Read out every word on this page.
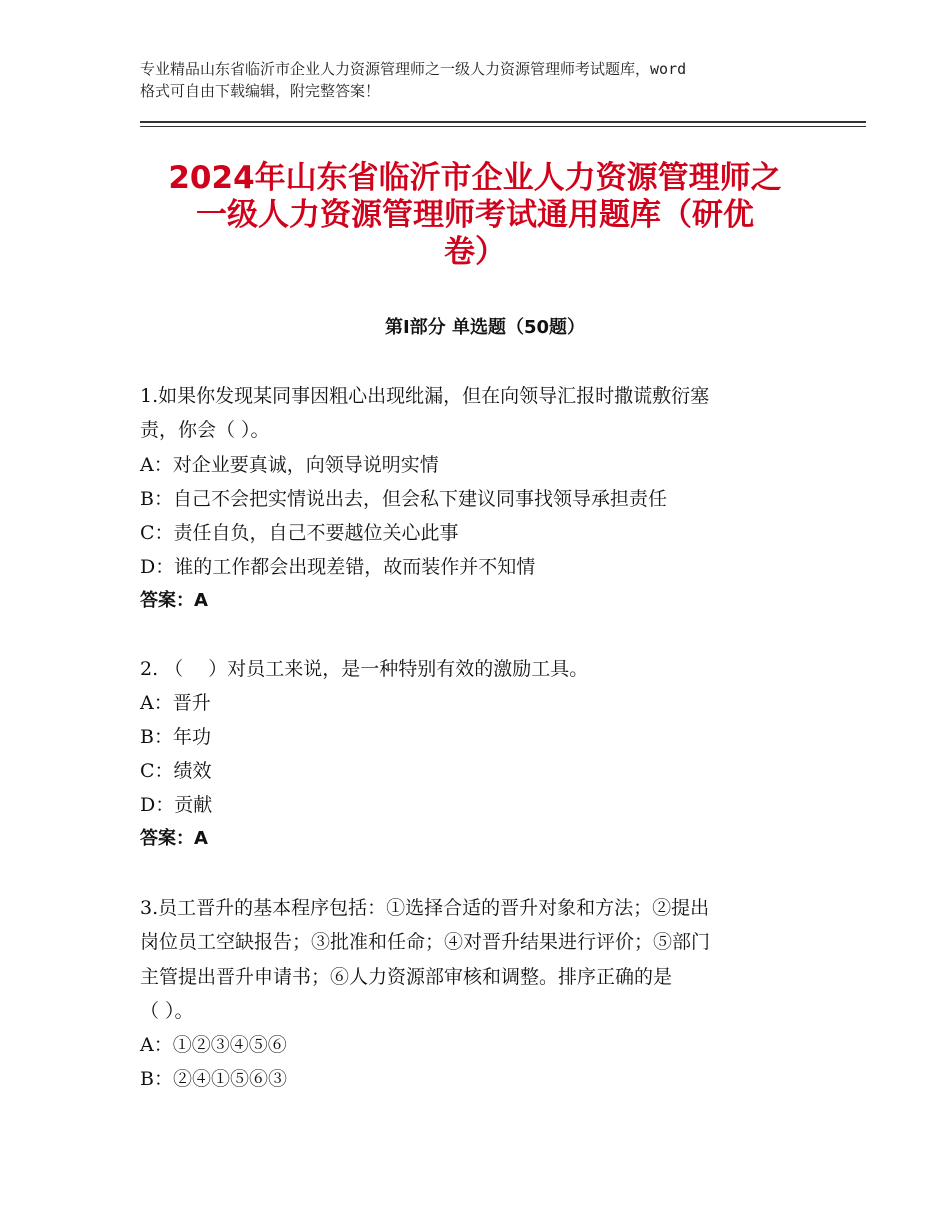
专业精品山东省临沂市企业人力资源管理师之一级人力资源管理师考试题库，word
格式可自由下载编辑，附完整答案！
2024年山东省临沂市企业人力资源管理师之
一级人力资源管理师考试通用题库（研优
卷）
第Ⅰ部分 单选题（50题）
1.如果你发现某同事因粗心出现纰漏，但在向领导汇报时撒谎敷衍塞
责，你会（ ）。
A：对企业要真诚，向领导说明实情
B：自己不会把实情说出去，但会私下建议同事找领导承担责任
C：责任自负，自己不要越位关心此事
D：谁的工作都会出现差错，故而装作并不知情
答案：A
2. （　 ）对员工来说，是一种特别有效的激励工具。
A：晋升
B：年功
C：绩效
D：贡献
答案：A
3.员工晋升的基本程序包括：①选择合适的晋升对象和方法；②提出
岗位员工空缺报告；③批准和任命；④对晋升结果进行评价；⑤部门
主管提出晋升申请书；⑥人力资源部审核和调整。排序正确的是
（ ）。
A：①②③④⑤⑥
B：②④①⑤⑥③
